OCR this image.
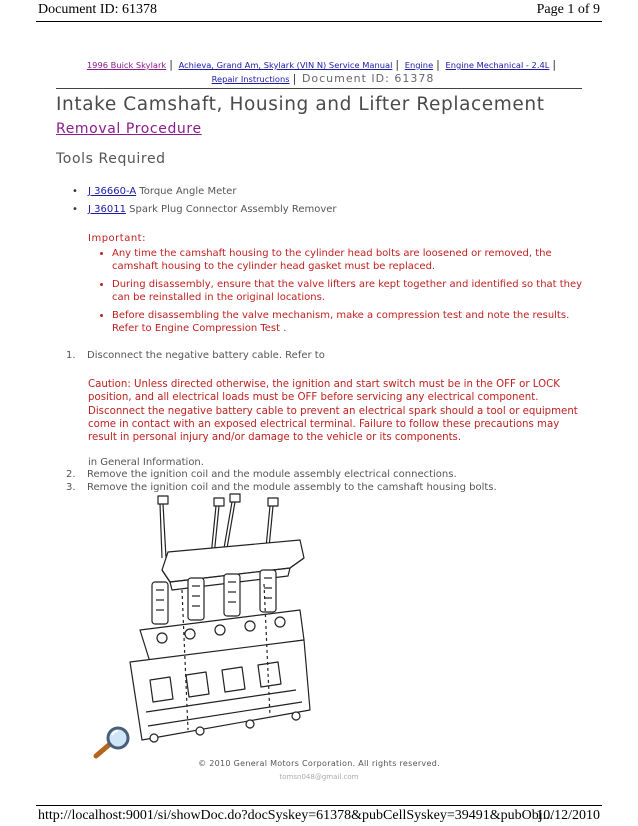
Document ID: 61378	Page 1 of 9
1996 Buick Skylark | Achieva, Grand Am, Skylark (VIN N) Service Manual | Engine | Engine Mechanical - 2.4L |
Repair Instructions | Document ID: 61378
Intake Camshaft, Housing and Lifter Replacement
Removal Procedure
Tools Required
• J 36660-A Torque Angle Meter
• J 36011 Spark Plug Connector Assembly Remover
Important:
• Any time the camshaft housing to the cylinder head bolts are loosened or removed, the camshaft housing to the cylinder head gasket must be replaced.
• During disassembly, ensure that the valve lifters are kept together and identified so that they can be reinstalled in the original locations.
• Before disassembling the valve mechanism, make a compression test and note the results. Refer to Engine Compression Test .
1. Disconnect the negative battery cable. Refer to
Caution: Unless directed otherwise, the ignition and start switch must be in the OFF or LOCK position, and all electrical loads must be OFF before servicing any electrical component. Disconnect the negative battery cable to prevent an electrical spark should a tool or equipment come in contact with an exposed electrical terminal. Failure to follow these precautions may result in personal injury and/or damage to the vehicle or its components.
in General Information.
2. Remove the ignition coil and the module assembly electrical connections.
3. Remove the ignition coil and the module assembly to the camshaft housing bolts.
© 2010 General Motors Corporation. All rights reserved.
tomsn048@gmail.com
http://localhost:9001/si/showDoc.do?docSyskey=61378&pubCellSyskey=39491&pubObj...
10/12/2010
